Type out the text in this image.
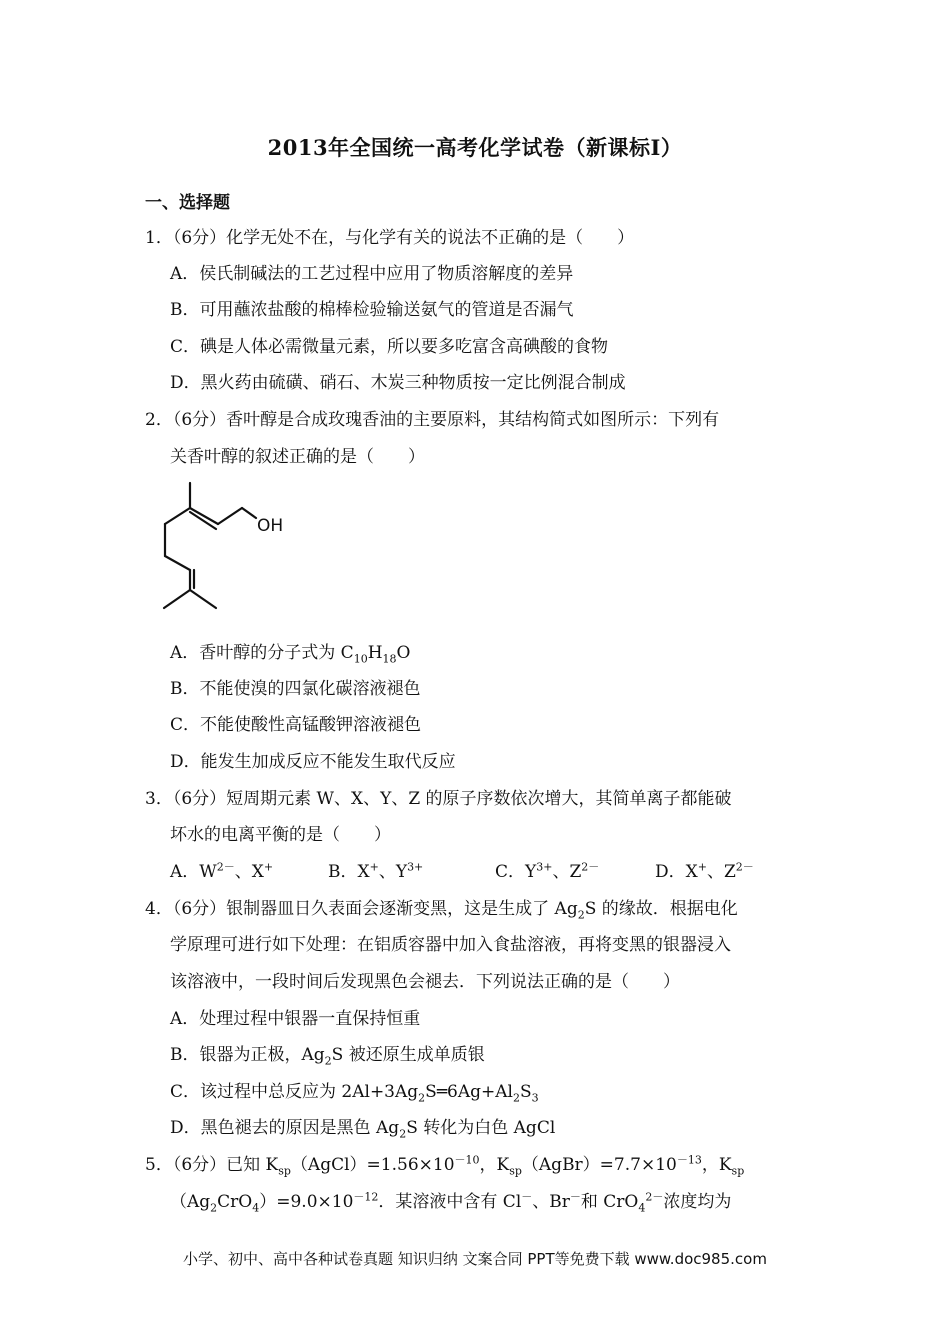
2013年全国统一高考化学试卷（新课标Ⅰ）
一、选择题
1．（6分）化学无处不在，与化学有关的说法不正确的是（　　）
A．侯氏制碱法的工艺过程中应用了物质溶解度的差异
B．可用蘸浓盐酸的棉棒检验输送氨气的管道是否漏气
C．碘是人体必需微量元素，所以要多吃富含高碘酸的食物
D．黑火药由硫磺、硝石、木炭三种物质按一定比例混合制成
2．（6分）香叶醇是合成玫瑰香油的主要原料，其结构简式如图所示：下列有
关香叶醇的叙述正确的是（　　）
OH
A．香叶醇的分子式为 $C_{10}H_{18}O$
B．不能使溴的四氯化碳溶液褪色
C．不能使酸性高锰酸钾溶液褪色
D．能发生加成反应不能发生取代反应
3．（6分）短周期元素 W、X、Y、Z 的原子序数依次增大，其简单离子都能破
坏水的电离平衡的是（　　）
A．$W^{2-}$、X+	B．X+、$Y^{3+}$	C．$Y^{3+}$、$Z^{2-}$	D．X+、$Z^{2-}$
4．（6分）银制器皿日久表面会逐渐变黑，这是生成了 $Ag_2S$ 的缘故．根据电化
学原理可进行如下处理：在铝质容器中加入食盐溶液，再将变黑的银器浸入
该溶液中，一段时间后发现黑色会褪去．下列说法正确的是（　　）
A．处理过程中银器一直保持恒重
B．银器为正极，$Ag_2S$ 被还原生成单质银
C．该过程中总反应为 $2Al+3Ag_2S═6Ag+Al_2S_3$
D．黑色褪去的原因是黑色 $Ag_2S$ 转化为白色 AgCl
5．（6分）已知 $K_{sp}(AgCl)=1.56\times 10^{-10}$，$K_{sp}(AgBr)=7.7\times 10^{-13}$，$K_{sp}$
$(Ag_2CrO_4)=9.0\times 10^{-12}$．某溶液中含有 Cl－、Br－和 CrO$_4^{2-}$浓度均为
小学、初中、高中各种试卷真题 知识归纳 文案合同 PPT等免费下载 www.doc985.com
